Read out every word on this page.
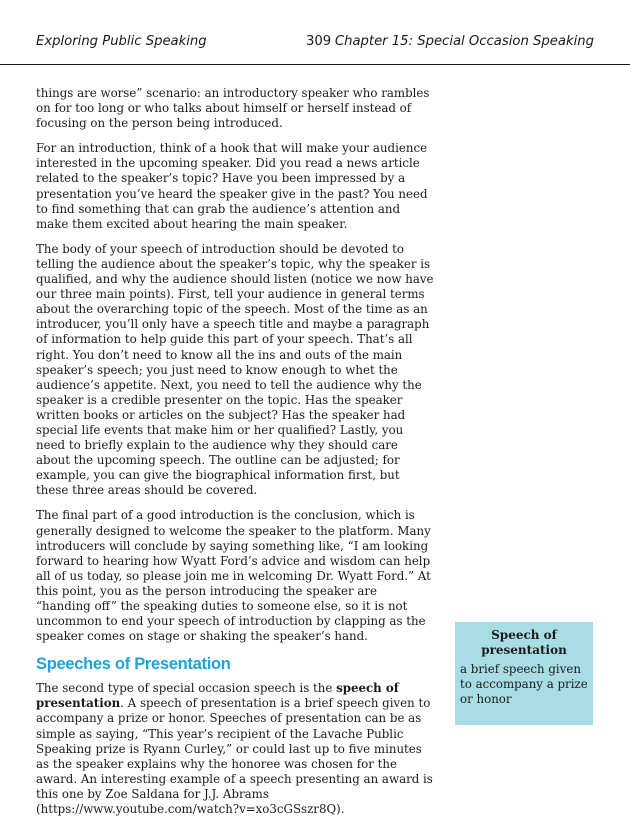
Exploring Public Speaking	309 Chapter 15: Special Occasion Speaking

things are worse” scenario: an introductory speaker who rambles on for too long or who talks about himself or herself instead of focusing on the person being introduced.

For an introduction, think of a hook that will make your audience interested in the upcoming speaker. Did you read a news article related to the speaker’s topic? Have you been impressed by a presentation you’ve heard the speaker give in the past? You need to find something that can grab the audience’s attention and make them excited about hearing the main speaker.

The body of your speech of introduction should be devoted to telling the audience about the speaker’s topic, why the speaker is qualified, and why the audience should listen (notice we now have our three main points). First, tell your audience in general terms about the overarching topic of the speech. Most of the time as an introducer, you’ll only have a speech title and maybe a paragraph of information to help guide this part of your speech. That’s all right. You don’t need to know all the ins and outs of the main speaker’s speech; you just need to know enough to whet the audience’s appetite. Next, you need to tell the audience why the speaker is a credible presenter on the topic. Has the speaker written books or articles on the subject? Has the speaker had special life events that make him or her qualified? Lastly, you need to briefly explain to the audience why they should care about the upcoming speech. The outline can be adjusted; for example, you can give the biographical information first, but these three areas should be covered.

The final part of a good introduction is the conclusion, which is generally designed to welcome the speaker to the platform. Many introducers will conclude by saying something like, “I am looking forward to hearing how Wyatt Ford’s advice and wisdom can help all of us today, so please join me in welcoming Dr. Wyatt Ford.” At this point, you as the person introducing the speaker are “handing off” the speaking duties to someone else, so it is not uncommon to end your speech of introduction by clapping as the speaker comes on stage or shaking the speaker’s hand.

Speeches of Presentation

The second type of special occasion speech is the speech of presentation. A speech of presentation is a brief speech given to accompany a prize or honor. Speeches of presentation can be as simple as saying, “This year’s recipient of the Lavache Public Speaking prize is Ryann Curley,” or could last up to five minutes as the speaker explains why the honoree was chosen for the award. An interesting example of a speech presenting an award is this one by Zoe Saldana for J.J. Abrams (https://www.youtube.com/watch?v=xo3cGSszr8Q).

Speech of presentation
a brief speech given to accompany a prize or honor
